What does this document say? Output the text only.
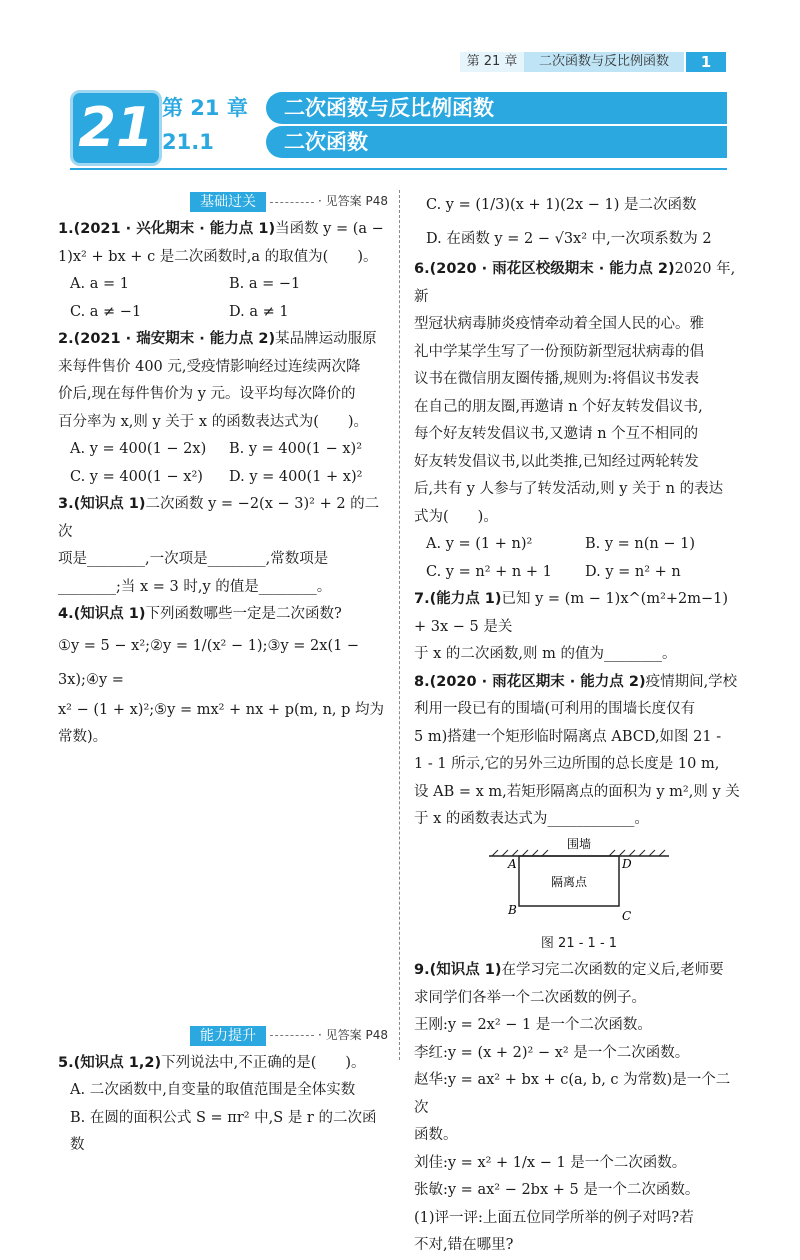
第 21 章	二次函数与反比例函数	1
21 第 21 章	二次函数与反比例函数
21.1	二次函数
基础过关	· 见答案 P48
1.(2021 · 兴化期末 · 能力点 1)当函数 y = (a −
1)x² + bx + c 是二次函数时,a 的取值为(　　)。
A. a = 1	B. a = −1
C. a ≠ −1	D. a ≠ 1
2.(2021 · 瑞安期末 · 能力点 2)某品牌运动服原
来每件售价 400 元,受疫情影响经过连续两次降
价后,现在每件售价为 y 元。设平均每次降价的
百分率为 x,则 y 关于 x 的函数表达式为(　　)。
A. y = 400(1 − 2x)	B. y = 400(1 − x)²
C. y = 400(1 − x²)	D. y = 400(1 + x)²
3.(知识点 1)二次函数 y = −2(x − 3)² + 2 的二次
项是________,一次项是________,常数项是
________;当 x = 3 时,y 的值是________。
4.(知识点 1)下列函数哪些一定是二次函数?
①y = 5 − x²;②y = 1/(x² − 1);③y = 2x(1 − 3x);④y =
x² − (1 + x)²;⑤y = mx² + nx + p(m, n, p 均为
常数)。
能力提升	· 见答案 P48
5.(知识点 1,2)下列说法中,不正确的是(　　)。
A. 二次函数中,自变量的取值范围是全体实数
B. 在圆的面积公式 S = πr² 中,S 是 r 的二次函数
C. y = (1/3)(x + 1)(2x − 1) 是二次函数
D. 在函数 y = 2 − √3x² 中,一次项系数为 2
6.(2020 · 雨花区校级期末 · 能力点 2)2020 年,新
型冠状病毒肺炎疫情牵动着全国人民的心。雅
礼中学某学生写了一份预防新型冠状病毒的倡
议书在微信朋友圈传播,规则为:将倡议书发表
在自己的朋友圈,再邀请 n 个好友转发倡议书,
每个好友转发倡议书,又邀请 n 个互不相同的
好友转发倡议书,以此类推,已知经过两轮转发
后,共有 y 人参与了转发活动,则 y 关于 n 的表达
式为(　　)。
A. y = (1 + n)²	B. y = n(n − 1)
C. y = n² + n + 1	D. y = n² + n
7.(能力点 1)已知 y = (m − 1)x^(m²+2m−1) + 3x − 5 是关
于 x 的二次函数,则 m 的值为________。
8.(2020 · 雨花区期末 · 能力点 2)疫情期间,学校
利用一段已有的围墙(可利用的围墙长度仅有
5 m)搭建一个矩形临时隔离点 ABCD,如图 21 -
1 - 1 所示,它的另外三边所围的总长度是 10 m,
设 AB = x m,若矩形隔离点的面积为 y m²,则 y 关
于 x 的函数表达式为____________。
围墙
隔离点
A
B	C
D
图 21 - 1 - 1
9.(知识点 1)在学习完二次函数的定义后,老师要
求同学们各举一个二次函数的例子。
王刚:y = 2x² − 1 是一个二次函数。
李红:y = (x + 2)² − x² 是一个二次函数。
赵华:y = ax² + bx + c(a, b, c 为常数)是一个二次
函数。
刘佳:y = x² + 1/x − 1 是一个二次函数。
张敏:y = ax² − 2bx + 5 是一个二次函数。
(1)评一评:上面五位同学所举的例子对吗?若
不对,错在哪里?
